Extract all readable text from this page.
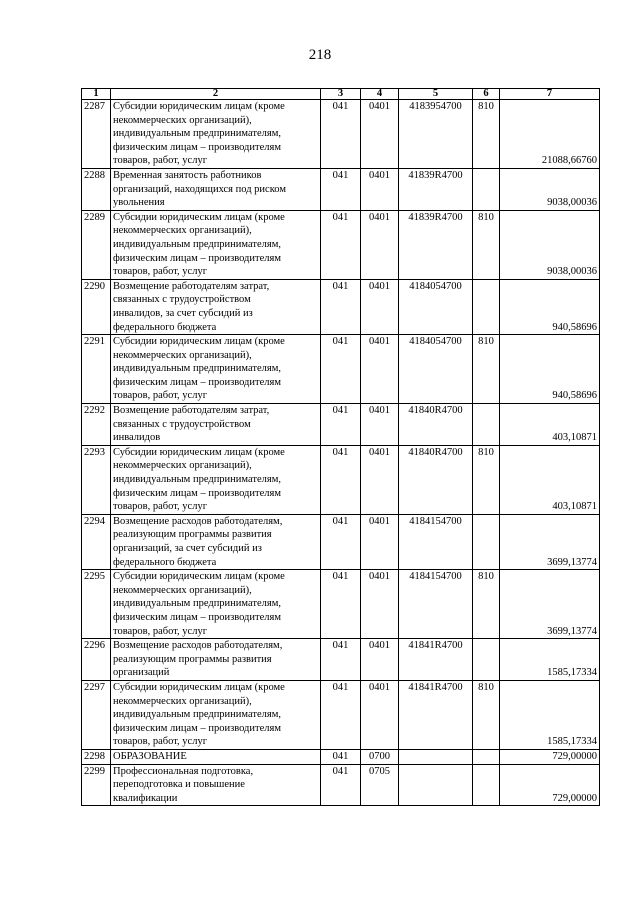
218
1	2	3	4	5	6	7
2287	Субсидии юридическим лицам (кроме
некоммерческих организаций),
индивидуальным предпринимателям,
физическим лицам – производителям
товаров, работ, услуг	041	0401	4183954700	810	21088,66760
2288	Временная занятость работников
организаций, находящихся под риском
увольнения	041	0401	41839R4700		9038,00036
2289	Субсидии юридическим лицам (кроме
некоммерческих организаций),
индивидуальным предпринимателям,
физическим лицам – производителям
товаров, работ, услуг	041	0401	41839R4700	810	9038,00036
2290	Возмещение работодателям затрат,
связанных с трудоустройством
инвалидов, за счет субсидий из
федерального бюджета	041	0401	4184054700		940,58696
2291	Субсидии юридическим лицам (кроме
некоммерческих организаций),
индивидуальным предпринимателям,
физическим лицам – производителям
товаров, работ, услуг	041	0401	4184054700	810	940,58696
2292	Возмещение работодателям затрат,
связанных с трудоустройством
инвалидов	041	0401	41840R4700		403,10871
2293	Субсидии юридическим лицам (кроме
некоммерческих организаций),
индивидуальным предпринимателям,
физическим лицам – производителям
товаров, работ, услуг	041	0401	41840R4700	810	403,10871
2294	Возмещение расходов работодателям,
реализующим программы развития
организаций, за счет субсидий из
федерального бюджета	041	0401	4184154700		3699,13774
2295	Субсидии юридическим лицам (кроме
некоммерческих организаций),
индивидуальным предпринимателям,
физическим лицам – производителям
товаров, работ, услуг	041	0401	4184154700	810	3699,13774
2296	Возмещение расходов работодателям,
реализующим программы развития
организаций	041	0401	41841R4700		1585,17334
2297	Субсидии юридическим лицам (кроме
некоммерческих организаций),
индивидуальным предпринимателям,
физическим лицам – производителям
товаров, работ, услуг	041	0401	41841R4700	810	1585,17334
2298	ОБРАЗОВАНИЕ	041	0700			729,00000
2299	Профессиональная подготовка,
переподготовка и повышение
квалификации	041	0705			729,00000
